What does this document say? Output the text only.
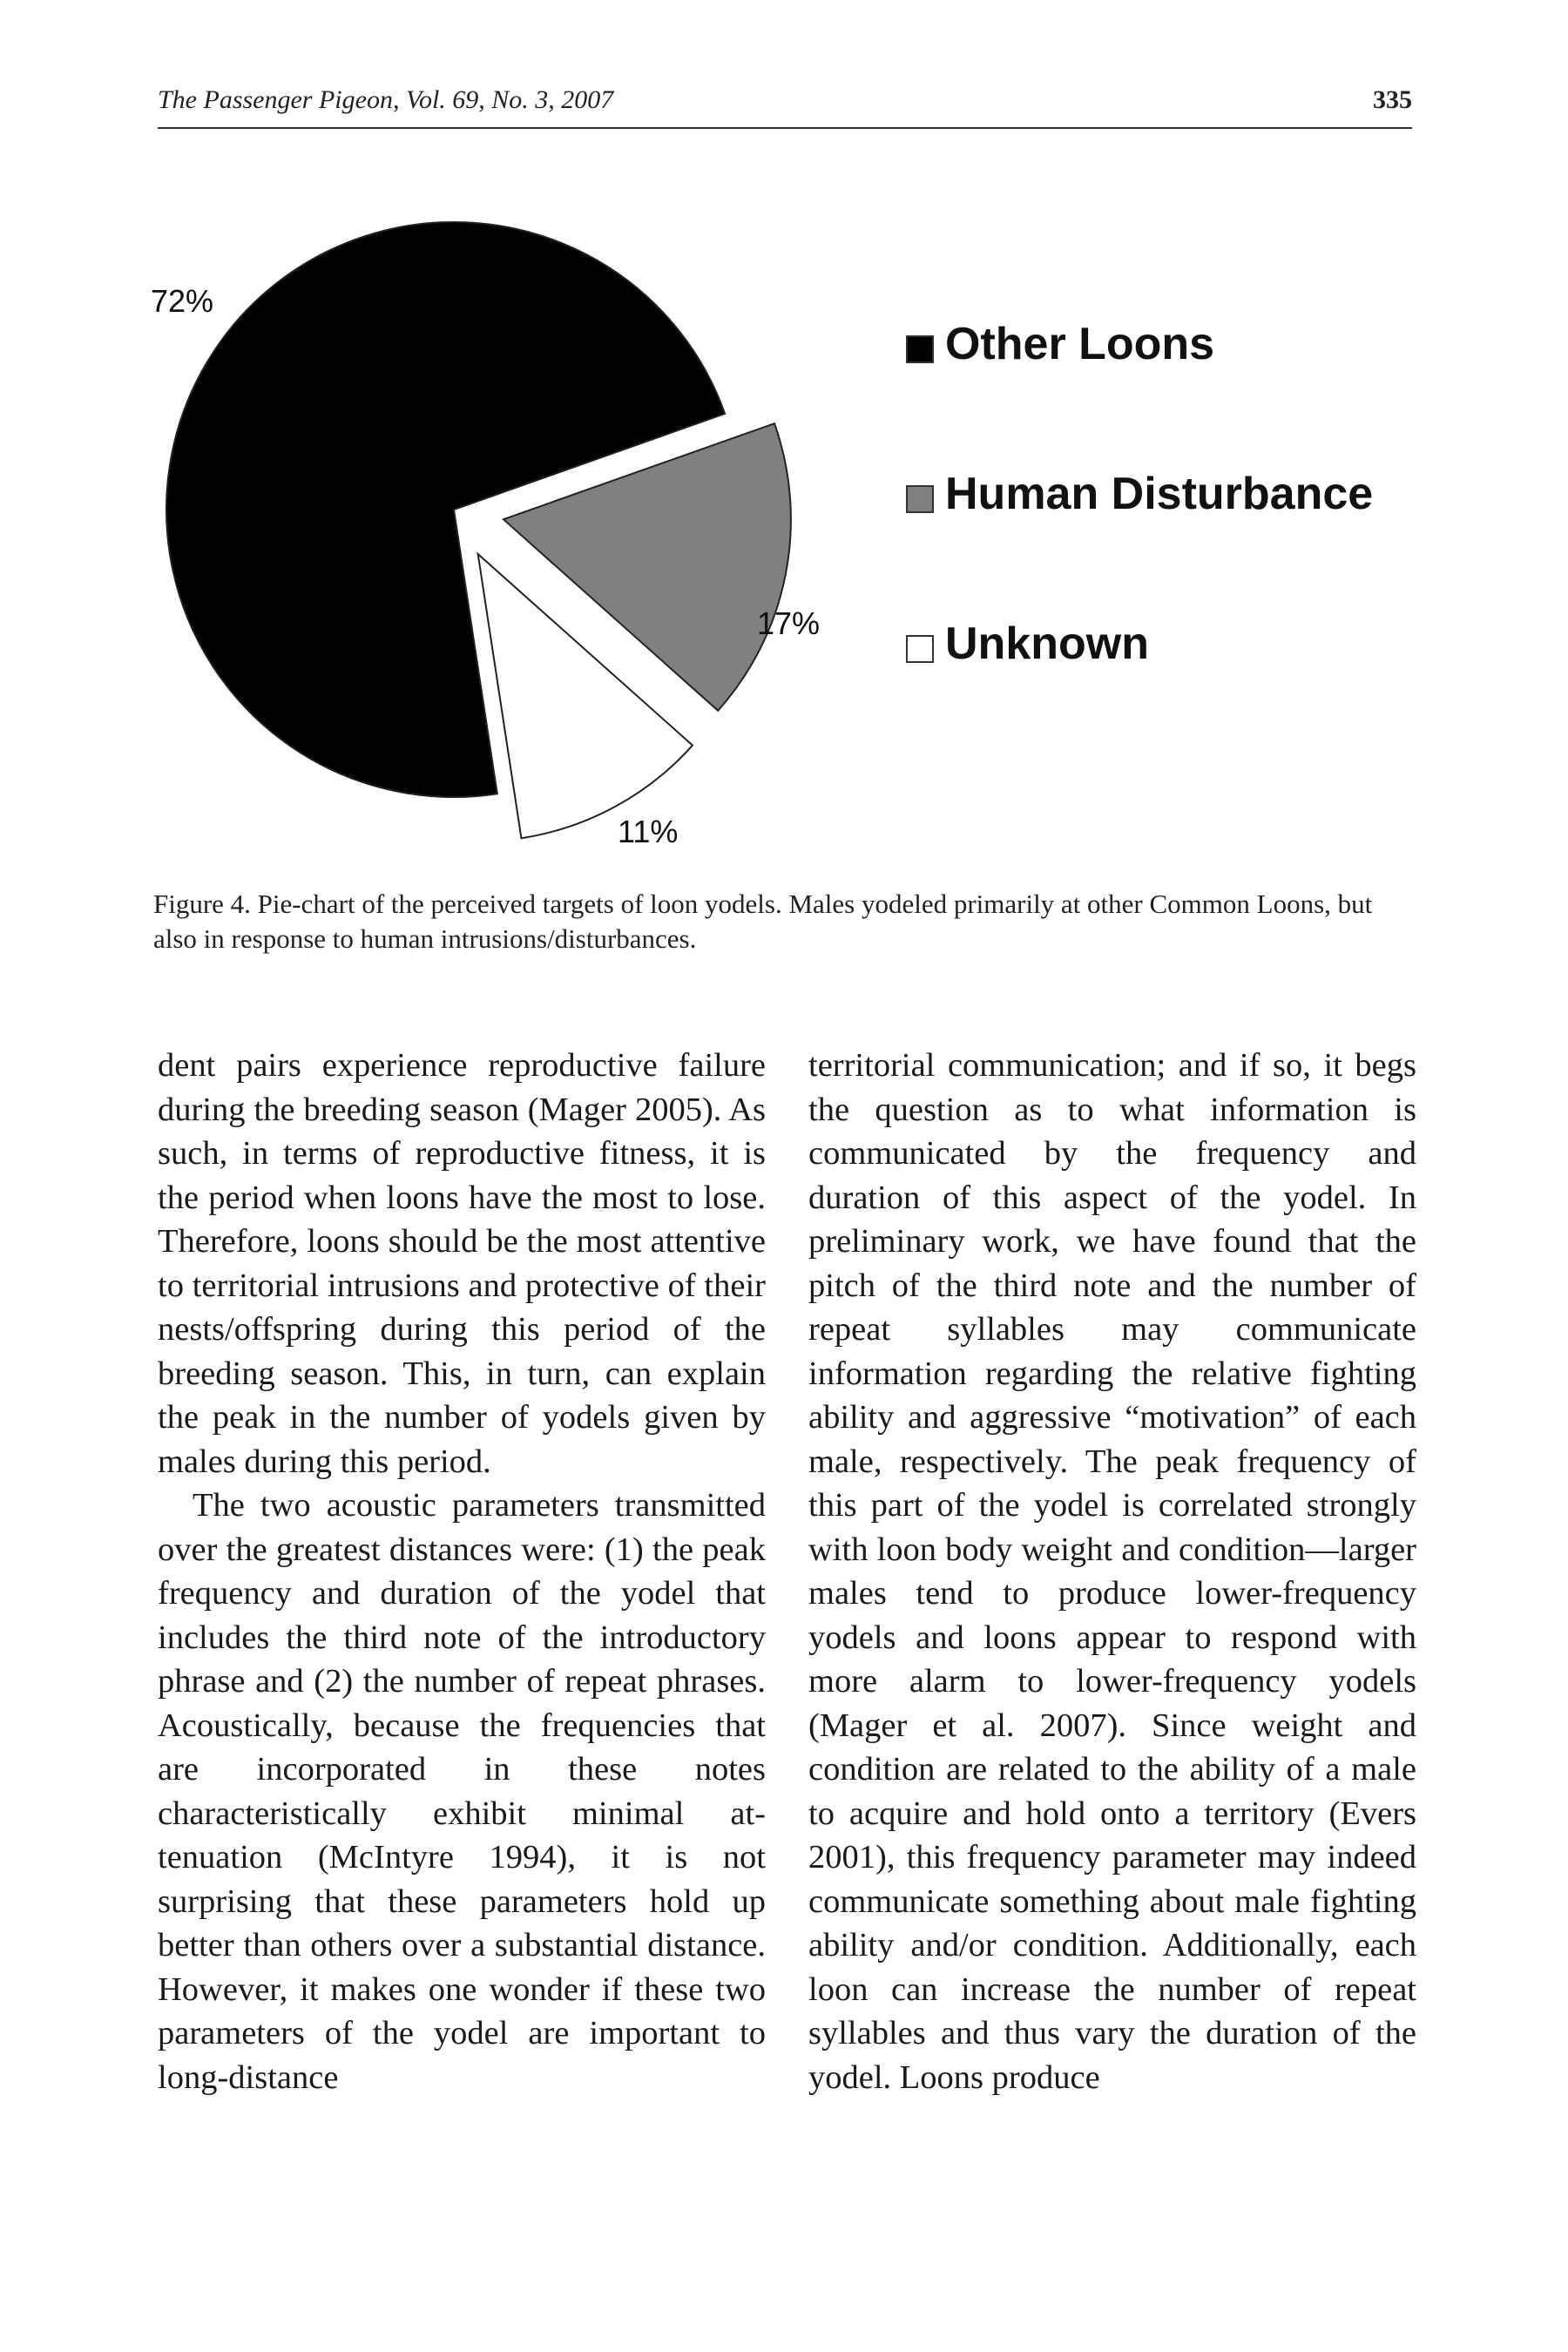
The Passenger Pigeon, Vol. 69, No. 3, 2007	335
72%
17%
11%
Other Loons
Human Disturbance
Unknown
Figure 4. Pie-chart of the perceived targets of loon yodels. Males yodeled primarily at other Common Loons, but also in response to human intrusions/disturbances.

dent pairs experience reproductive failure during the breeding season (Mager 2005). As such, in terms of reproductive fitness, it is the period when loons have the most to lose. Therefore, loons should be the most attentive to territorial intrusions and protective of their nests/offspring during this period of the breeding season. This, in turn, can explain the peak in the number of yodels given by males during this period.

The two acoustic parameters transmitted over the greatest distances were: (1) the peak frequency and duration of the yodel that includes the third note of the introductory phrase and (2) the number of repeat phrases. Acoustically, because the frequencies that are incorporated in these notes characteristically exhibit minimal attenuation (McIntyre 1994), it is not surprising that these parameters hold up better than others over a substantial distance. However, it makes one wonder if these two parameters of the yodel are important to long-distance

territorial communication; and if so, it begs the question as to what information is communicated by the frequency and duration of this aspect of the yodel. In preliminary work, we have found that the pitch of the third note and the number of repeat syllables may communicate information regarding the relative fighting ability and aggressive “motivation” of each male, respectively. The peak frequency of this part of the yodel is correlated strongly with loon body weight and condition—larger males tend to produce lower-frequency yodels and loons appear to respond with more alarm to lower-frequency yodels (Mager et al. 2007). Since weight and condition are related to the ability of a male to acquire and hold onto a territory (Evers 2001), this frequency parameter may indeed communicate something about male fighting ability and/or condition. Additionally, each loon can increase the number of repeat syllables and thus vary the duration of the yodel. Loons produce
